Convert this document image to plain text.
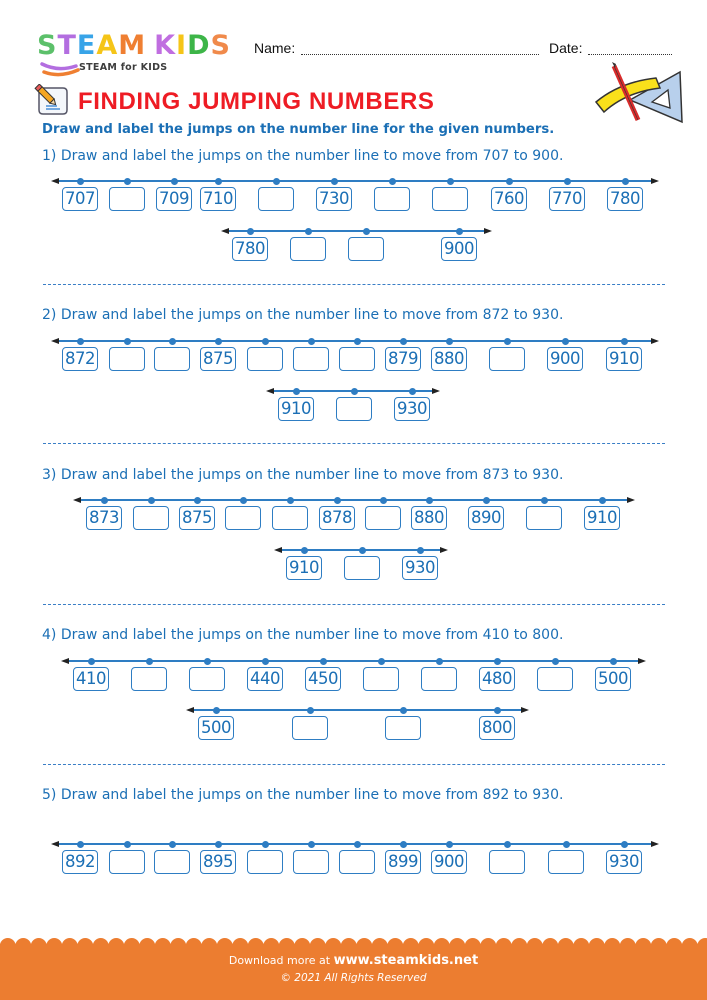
STEAM KIDS
STEAM for KIDS
Name:	Date:
FINDING JUMPING NUMBERS
Draw and label the jumps on the number line for the given numbers.
1) Draw and label the jumps on the number line to move from 707 to 900.
707	709 710	730	760 770 780
780	900
2) Draw and label the jumps on the number line to move from 872 to 930.
872	875	879 880	900 910
910	930
3) Draw and label the jumps on the number line to move from 873 to 930.
873	875	878	880 890	910
910	930
4) Draw and label the jumps on the number line to move from 410 to 800.
410	440 450	480	500
500	800
5) Draw and label the jumps on the number line to move from 892 to 930.
892	895	899 900	930
Download more at www.steamkids.net
© 2021 All Rights Reserved
